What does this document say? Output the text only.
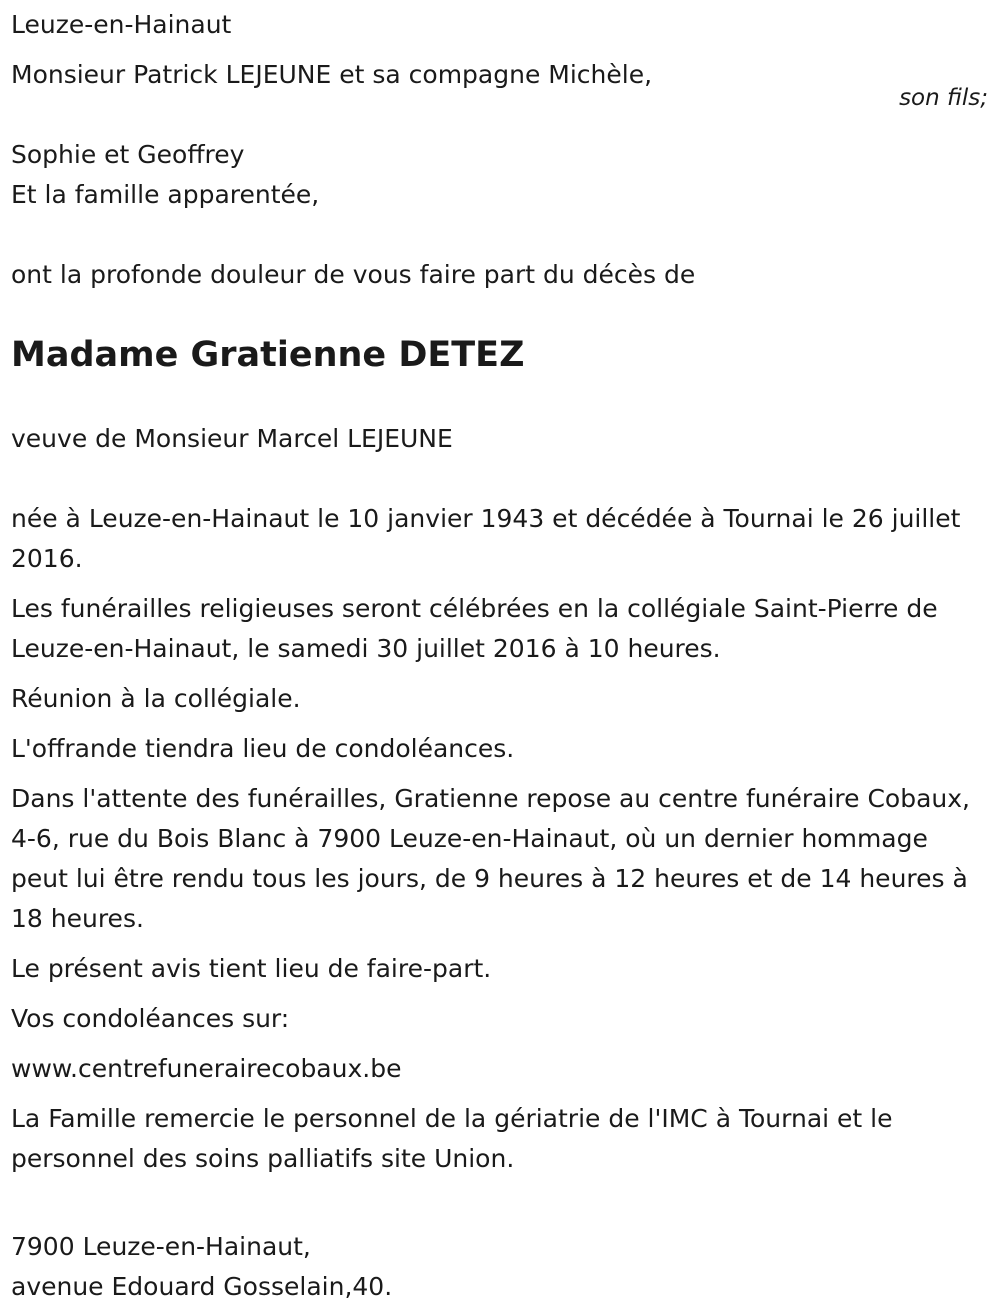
son fils;

Leuze-en-Hainaut

Monsieur Patrick LEJEUNE et sa compagne Michèle,

Sophie et Geoffrey

Et la famille apparentée,

ont la profonde douleur de vous faire part du décès de

Madame Gratienne DETEZ

veuve de Monsieur Marcel LEJEUNE

née à Leuze-en-Hainaut le 10 janvier 1943 et décédée à Tournai le 26 juillet 2016.

Les funérailles religieuses seront célébrées en la collégiale Saint-Pierre de Leuze-en-Hainaut, le samedi 30 juillet 2016 à 10 heures.

Réunion à la collégiale.

L'offrande tiendra lieu de condoléances.

Dans l'attente des funérailles, Gratienne repose au centre funéraire Cobaux, 4-6, rue du Bois Blanc à 7900 Leuze-en-Hainaut, où un dernier hommage peut lui être rendu tous les jours, de 9 heures à 12 heures et de 14 heures à 18 heures.

Le présent avis tient lieu de faire-part.

Vos condoléances sur:

www.centrefunerairecobaux.be

La Famille remercie le personnel de la gériatrie de l'IMC à Tournai et le personnel des soins palliatifs site Union.

7900 Leuze-en-Hainaut,

avenue Edouard Gosselain,40.
